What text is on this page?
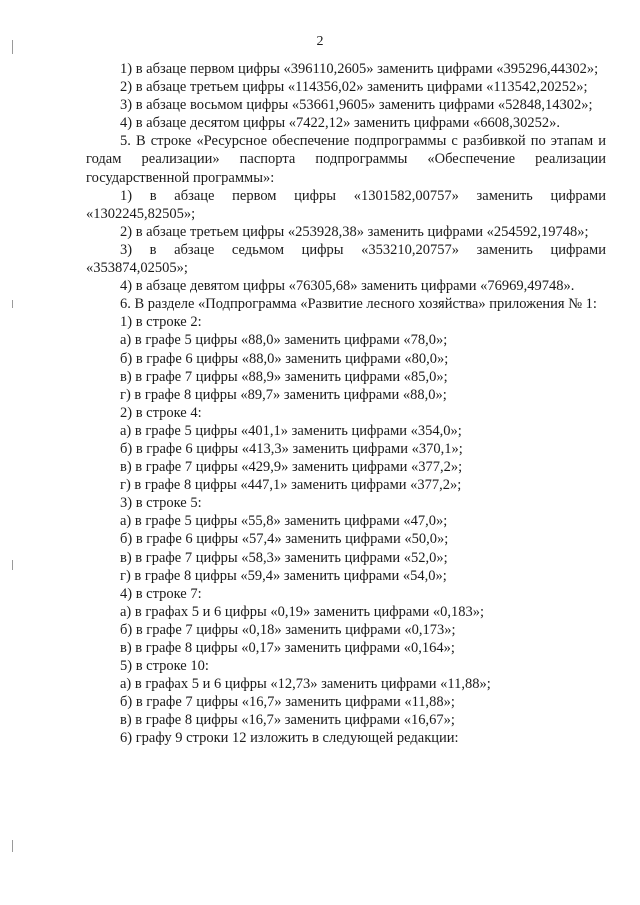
2

1) в абзаце первом цифры «396110,2605» заменить цифрами «395296,44302»;

2) в абзаце третьем цифры «114356,02» заменить цифрами «113542,20252»;

3) в абзаце восьмом цифры «53661,9605» заменить цифрами «52848,14302»;

4) в абзаце десятом цифры «7422,12» заменить цифрами «6608,30252».

5. В строке «Ресурсное обеспечение подпрограммы с разбивкой по этапам и годам реализации» паспорта подпрограммы «Обеспечение реализации государственной программы»:

1) в абзаце первом цифры «1301582,00757» заменить цифрами «1302245,82505»;

2) в абзаце третьем цифры «253928,38» заменить цифрами «254592,19748»;

3) в абзаце седьмом цифры «353210,20757» заменить цифрами «353874,02505»;

4) в абзаце девятом цифры «76305,68» заменить цифрами «76969,49748».

6. В разделе «Подпрограмма «Развитие лесного хозяйства» приложения № 1:

1) в строке 2:

а) в графе 5 цифры «88,0» заменить цифрами «78,0»;

б) в графе 6 цифры «88,0» заменить цифрами «80,0»;

в) в графе 7 цифры «88,9» заменить цифрами «85,0»;

г) в графе 8 цифры «89,7» заменить цифрами «88,0»;

2) в строке 4:

а) в графе 5 цифры «401,1» заменить цифрами «354,0»;

б) в графе 6 цифры «413,3» заменить цифрами «370,1»;

в) в графе 7 цифры «429,9» заменить цифрами «377,2»;

г) в графе 8 цифры «447,1» заменить цифрами «377,2»;

3) в строке 5:

а) в графе 5 цифры «55,8» заменить цифрами «47,0»;

б) в графе 6 цифры «57,4» заменить цифрами «50,0»;

в) в графе 7 цифры «58,3» заменить цифрами «52,0»;

г) в графе 8 цифры «59,4» заменить цифрами «54,0»;

4) в строке 7:

а) в графах 5 и 6 цифры «0,19» заменить цифрами «0,183»;

б) в графе 7 цифры «0,18» заменить цифрами «0,173»;

в) в графе 8 цифры «0,17» заменить цифрами «0,164»;

5) в строке 10:

а) в графах 5 и 6 цифры «12,73» заменить цифрами «11,88»;

б) в графе 7 цифры «16,7» заменить цифрами «11,88»;

в) в графе 8 цифры «16,7» заменить цифрами «16,67»;

6) графу 9 строки 12 изложить в следующей редакции:
